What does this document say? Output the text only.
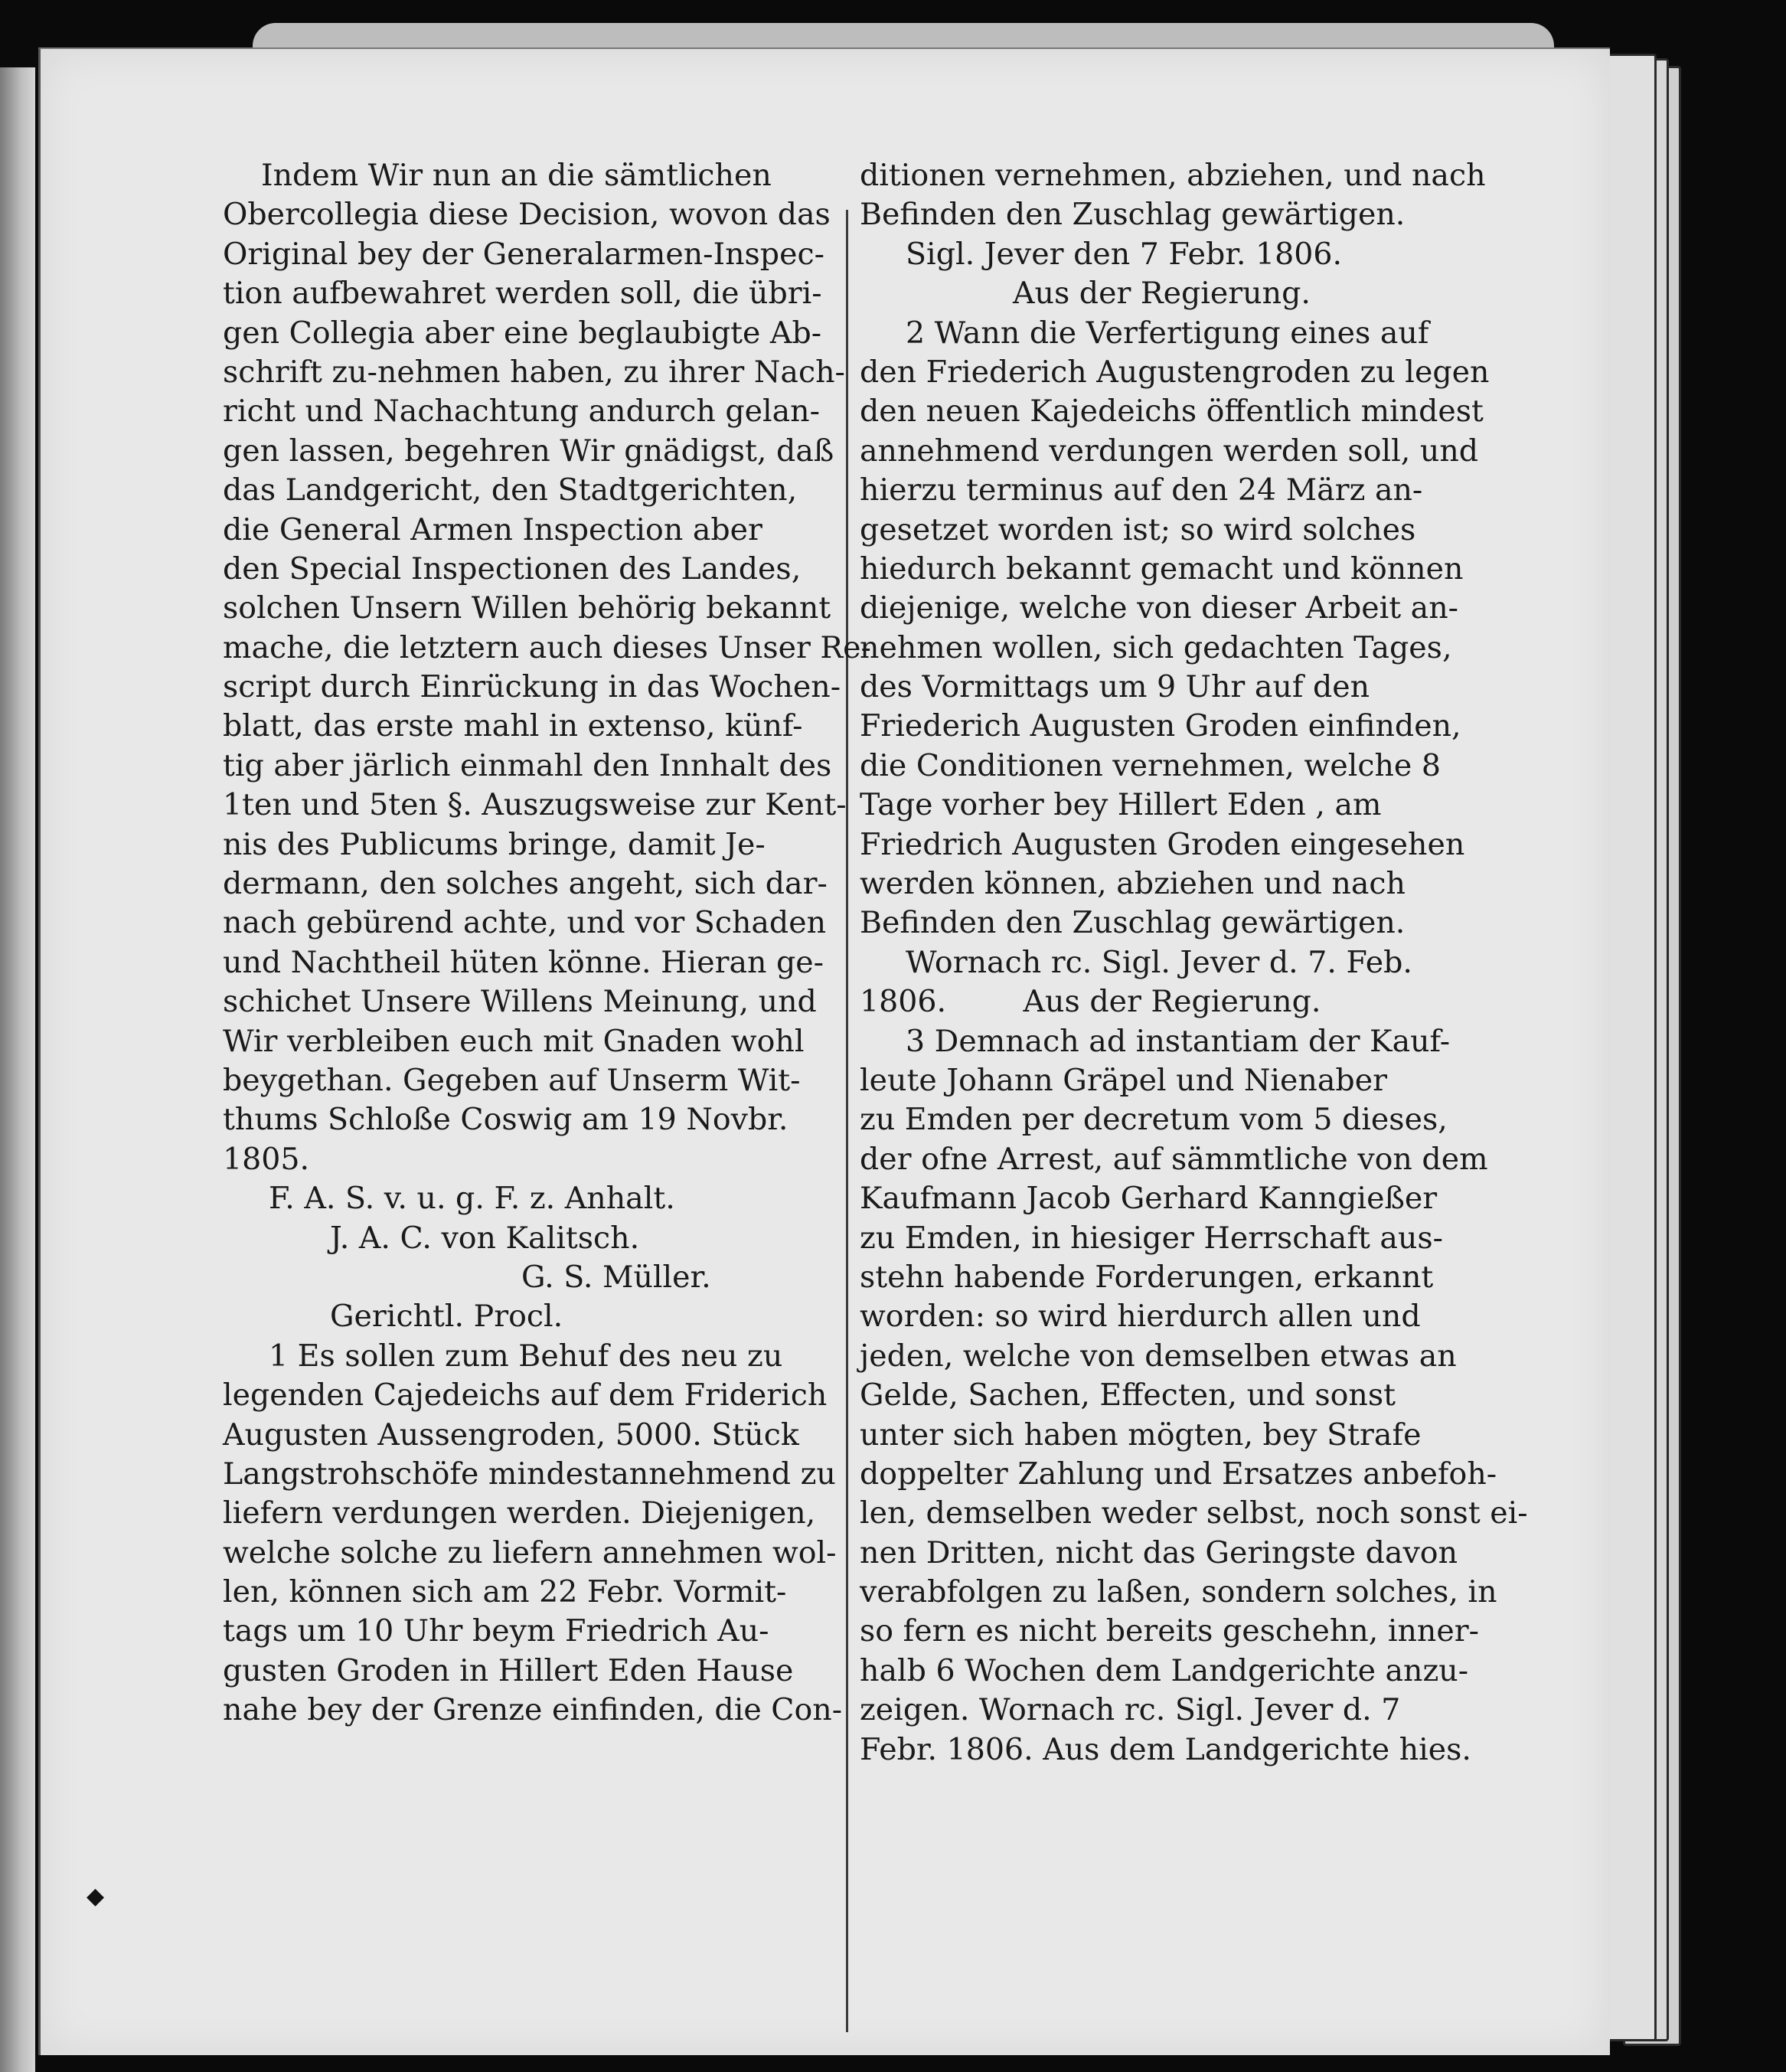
Indem Wir nun an die sämtlichen
Obercollegia diese Decision, wovon das
Original bey der Generalarmen-Inspec-
tion aufbewahret werden soll, die übri-
gen Collegia aber eine beglaubigte Ab-
schrift zu-nehmen haben, zu ihrer Nach-
richt und Nachachtung andurch gelan-
gen lassen, begehren Wir gnädigst, daß
das Landgericht, den Stadtgerichten,
die General Armen Inspection aber
den Special Inspectionen des Landes,
solchen Unsern Willen behörig bekannt
mache, die letztern auch dieses Unser Re-
script durch Einrückung in das Wochen-
blatt, das erste mahl in extenso, künf-
tig aber järlich einmahl den Innhalt des
1ten und 5ten §. Auszugsweise zur Kent-
nis des Publicums bringe, damit Je-
dermann, den solches angeht, sich dar-
nach gebürend achte, und vor Schaden
und Nachtheil hüten könne. Hieran ge-
schichet Unsere Willens Meinung, und
Wir verbleiben euch mit Gnaden wohl
beygethan. Gegeben auf Unserm Wit-
thums Schloße Coswig am 19 Novbr.
1805.
F. A. S. v. u. g. F. z. Anhalt.
J. A. C. von Kalitsch.
G. S. Müller.
Gerichtl. Procl.
1 Es sollen zum Behuf des neu zu
legenden Cajedeichs auf dem Friderich
Augusten Aussengroden, 5000. Stück
Langstrohschöfe mindestannehmend zu
liefern verdungen werden. Diejenigen,
welche solche zu liefern annehmen wol-
len, können sich am 22 Febr. Vormit-
tags um 10 Uhr beym Friedrich Au-
gusten Groden in Hillert Eden Hause
nahe bey der Grenze einfinden, die Con-
ditionen vernehmen, abziehen, und nach
Befinden den Zuschlag gewärtigen.
Sigl. Jever den 7 Febr. 1806.
Aus der Regierung.
2 Wann die Verfertigung eines auf
den Friederich Augustengroden zu legen
den neuen Kajedeichs öffentlich mindest
annehmend verdungen werden soll, und
hierzu terminus auf den 24 März an-
gesetzet worden ist; so wird solches
hiedurch bekannt gemacht und können
diejenige, welche von dieser Arbeit an-
nehmen wollen, sich gedachten Tages,
des Vormittags um 9 Uhr auf den
Friederich Augusten Groden einfinden,
die Conditionen vernehmen, welche 8
Tage vorher bey Hillert Eden , am
Friedrich Augusten Groden eingesehen
werden können, abziehen und nach
Befinden den Zuschlag gewärtigen.
Wornach rc. Sigl. Jever d. 7. Feb.
1806.        Aus der Regierung.
3 Demnach ad instantiam der Kauf-
leute Johann Gräpel und Nienaber
zu Emden per decretum vom 5 dieses,
der ofne Arrest, auf sämmtliche von dem
Kaufmann Jacob Gerhard Kanngießer
zu Emden, in hiesiger Herrschaft aus-
stehn habende Forderungen, erkannt
worden: so wird hierdurch allen und
jeden, welche von demselben etwas an
Gelde, Sachen, Effecten, und sonst
unter sich haben mögten, bey Strafe
doppelter Zahlung und Ersatzes anbefoh-
len, demselben weder selbst, noch sonst ei-
nen Dritten, nicht das Geringste davon
verabfolgen zu laßen, sondern solches, in
so fern es nicht bereits geschehn, inner-
halb 6 Wochen dem Landgerichte anzu-
zeigen. Wornach rc. Sigl. Jever d. 7
Febr. 1806. Aus dem Landgerichte hies.
◆
